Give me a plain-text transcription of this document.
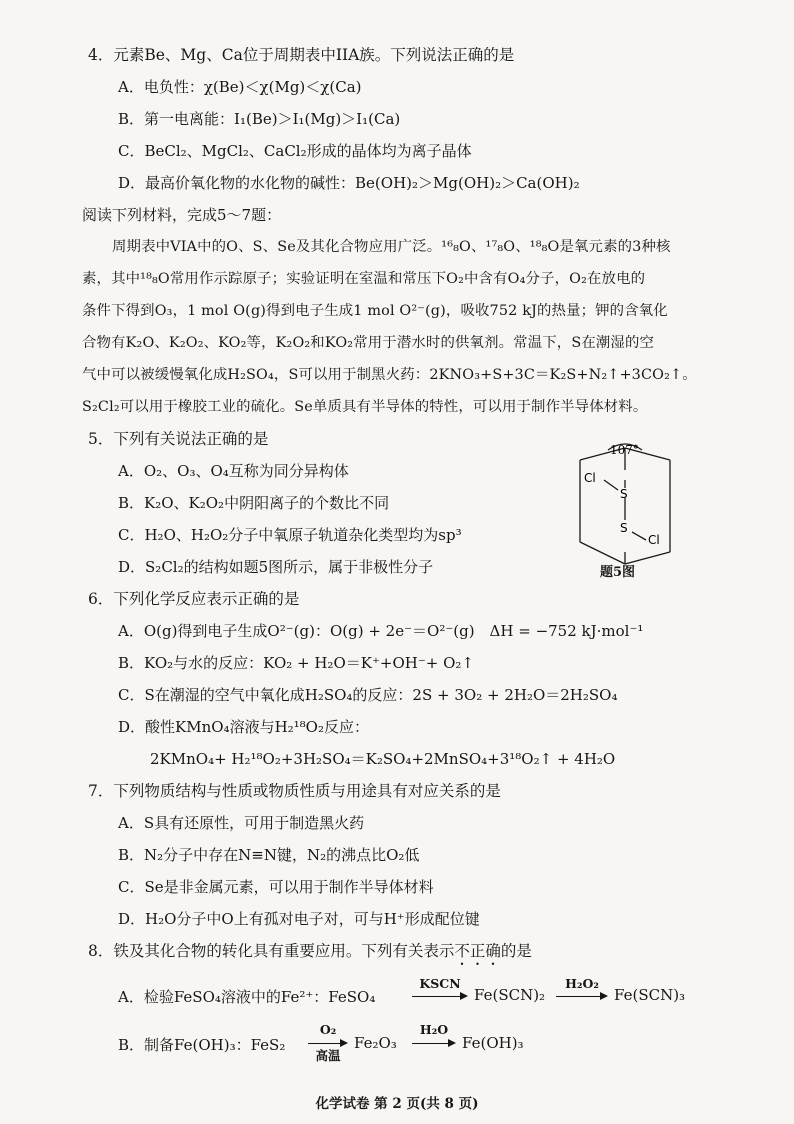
4．元素Be、Mg、Ca位于周期表中IIA族。下列说法正确的是
A．电负性：χ(Be)＜χ(Mg)＜χ(Ca)
B．第一电离能：I₁(Be)＞I₁(Mg)＞I₁(Ca)
C．BeCl₂、MgCl₂、CaCl₂形成的晶体均为离子晶体
D．最高价氧化物的水化物的碱性：Be(OH)₂＞Mg(OH)₂＞Ca(OH)₂
阅读下列材料，完成5～7题：
周期表中VIA中的O、S、Se及其化合物应用广泛。¹⁶₈O、¹⁷₈O、¹⁸₈O是氧元素的3种核
素，其中¹⁸₈O常用作示踪原子；实验证明在室温和常压下O₂中含有O₄分子，O₂在放电的
条件下得到O₃，1 mol O(g)得到电子生成1 mol O²⁻(g)，吸收752 kJ的热量；钾的含氧化
合物有K₂O、K₂O₂、KO₂等，K₂O₂和KO₂常用于潜水时的供氧剂。常温下，S在潮湿的空
气中可以被缓慢氧化成H₂SO₄，S可以用于制黑火药：2KNO₃+S+3C＝K₂S+N₂↑+3CO₂↑。
S₂Cl₂可以用于橡胶工业的硫化。Se单质具有半导体的特性，可以用于制作半导体材料。
5．下列有关说法正确的是
A．O₂、O₃、O₄互称为同分异构体
B．K₂O、K₂O₂中阴阳离子的个数比不同
C．H₂O、H₂O₂分子中氧原子轨道杂化类型均为sp³
D．S₂Cl₂的结构如题5图所示，属于非极性分子
107°
Cl
S
S
Cl
题5图
6．下列化学反应表示正确的是
A．O(g)得到电子生成O²⁻(g)：O(g) + 2e⁻＝O²⁻(g)　ΔH = −752 kJ·mol⁻¹
B．KO₂与水的反应：KO₂ + H₂O＝K⁺+OH⁻+ O₂↑
C．S在潮湿的空气中氧化成H₂SO₄的反应：2S + 3O₂ + 2H₂O＝2H₂SO₄
D．酸性KMnO₄溶液与H₂¹⁸O₂反应：
2KMnO₄+ H₂¹⁸O₂+3H₂SO₄＝K₂SO₄+2MnSO₄+3¹⁸O₂↑ + 4H₂O
7．下列物质结构与性质或物质性质与用途具有对应关系的是
A．S具有还原性，可用于制造黑火药
B．N₂分子中存在N≡N键，N₂的沸点比O₂低
C．Se是非金属元素，可以用于制作半导体材料
D．H₂O分子中O上有孤对电子对，可与H⁺形成配位键
8．铁及其化合物的转化具有重要应用。下列有关表示不正确的是
A．检验FeSO₄溶液中的Fe²⁺：FeSO₄
KSCN
Fe(SCN)₂
H₂O₂
Fe(SCN)₃
B．制备Fe(OH)₃：FeS₂
O₂
高温
Fe₂O₃
H₂O
Fe(OH)₃
化学试卷 第 2 页(共 8 页)
